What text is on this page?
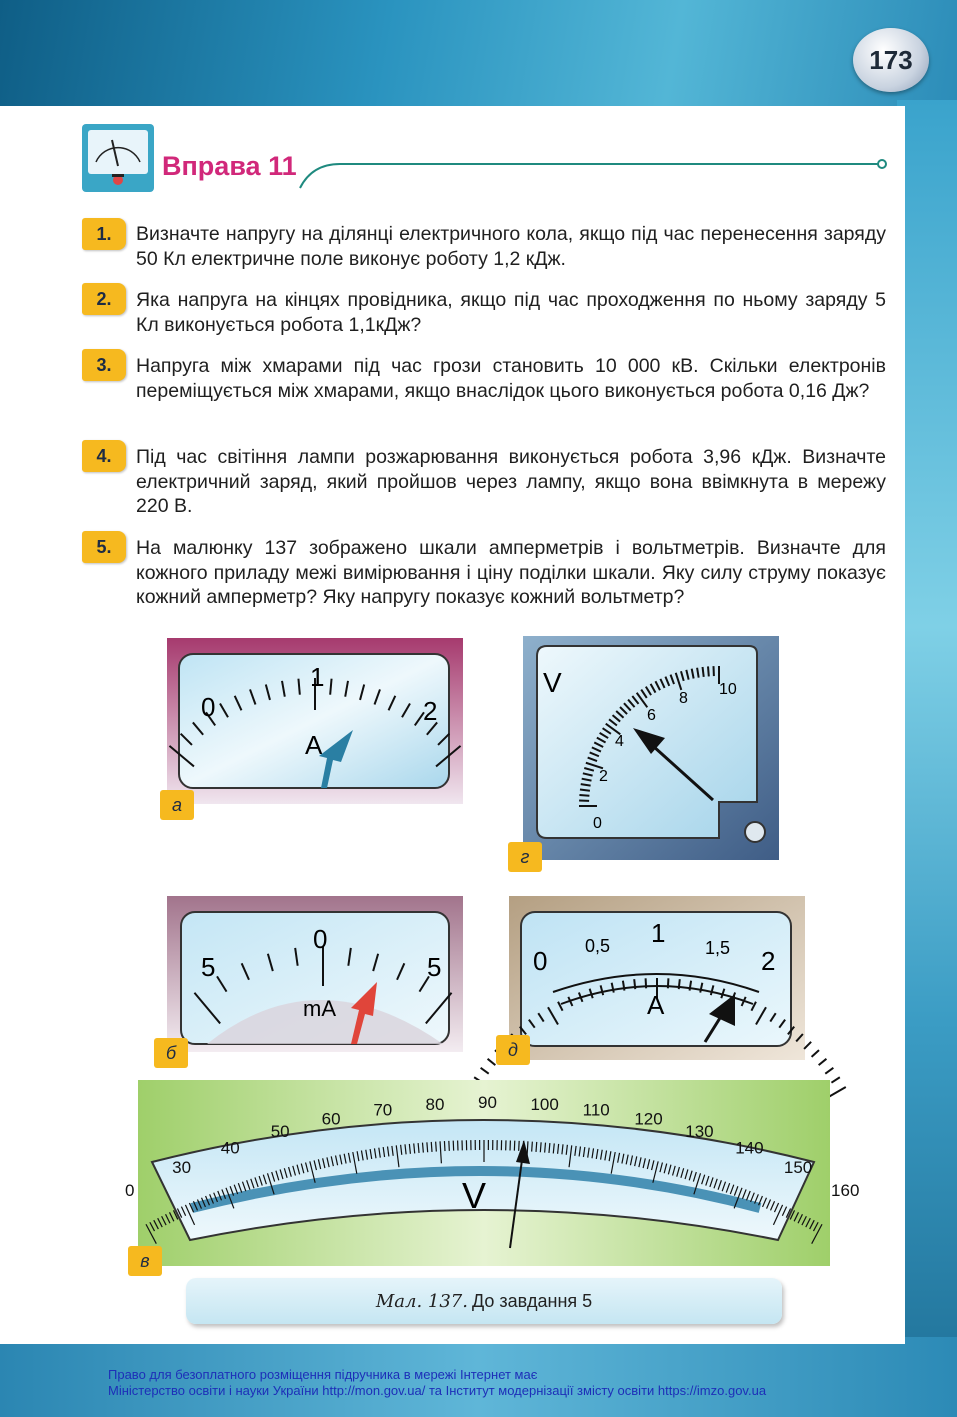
173
Вправа 11
1.	Визначте напругу на ділянці електричного кола, якщо під час перенесення заряду 50 Кл електричне поле виконує роботу 1,2 кДж.
2.	Яка напруга на кінцях провідника, якщо під час проходження по ньому заряду 5 Кл виконується робота 1,1кДж?
3.	Напруга між хмарами під час грози становить 10 000 кВ. Скільки електронів переміщується між хмарами, якщо внаслідок цього виконується робота 0,16 Дж?
4.	Під час світіння лампи розжарювання виконується робота 3,96 кДж. Визначте електричний заряд, який пройшов через лампу, якщо вона ввімкнута в мережу 220 В.
5.	На малюнку 137 зображено шкали амперметрів і вольтметрів. Визначте для кожного приладу межі вимірювання і ціну поділки шкали. Яку силу струму показує кожний амперметр? Яку напругу показує кожний вольтметр?
0
1
2
A
а
V
0
2
4
6
8
10
г
5
0
5
mA
б
0 0,5 1 1,5 2
A
д
0
30
40
50
60 70 80 90 100 110 120
130
140
150
160
V
в
Мал. 137. До завдання 5
Право для безоплатного розміщення підручника в мережі Інтернет має
Міністерство освіти і науки України http://mon.gov.ua/ та Інститут модернізації змісту освіти https://imzo.gov.ua
